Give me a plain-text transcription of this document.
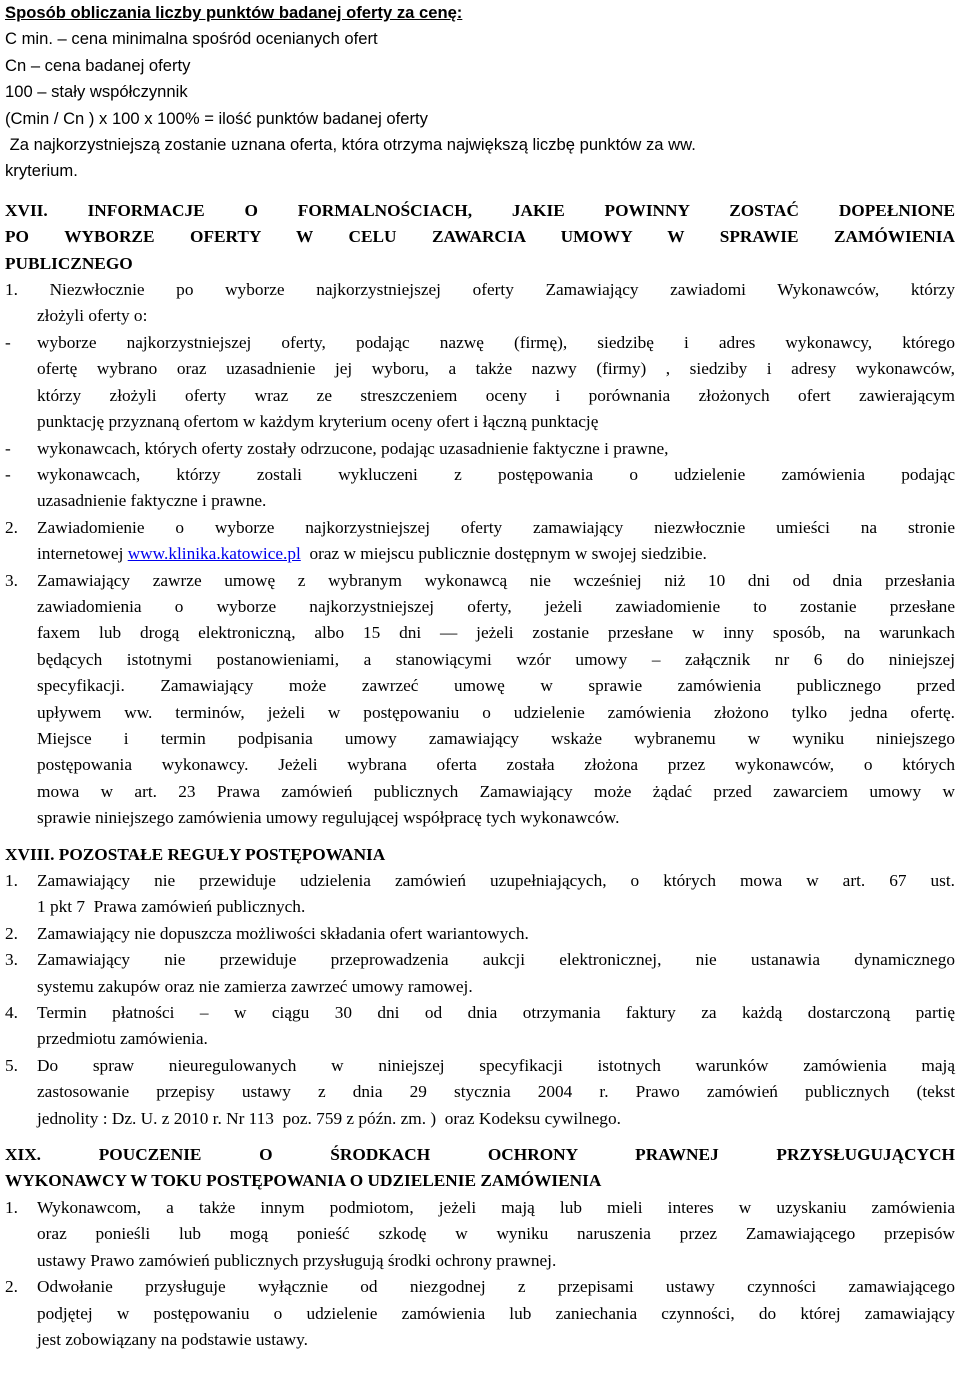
Sposób obliczania liczby punktów badanej oferty za cenę:
C min. – cena minimalna spośród ocenianych ofert
Cn – cena badanej oferty
100 – stały współczynnik
(Cmin / Cn ) x 100 x 100% = ilość punktów badanej oferty
Za najkorzystniejszą zostanie uznana oferta, która otrzyma największą liczbę punktów za ww.
kryterium.
XVII. INFORMACJE O FORMALNOŚCIACH, JAKIE POWINNY ZOSTAĆ DOPEŁNIONE
PO WYBORZE OFERTY W CELU ZAWARCIA UMOWY W SPRAWIE ZAMÓWIENIA
PUBLICZNEGO
1. Niezwłocznie po wyborze najkorzystniejszej oferty Zamawiający zawiadomi Wykonawców, którzy
złożyli oferty o:
-	wyborze najkorzystniejszej oferty, podając nazwę (firmę), siedzibę i adres wykonawcy, którego
ofertę wybrano oraz uzasadnienie jej wyboru, a także nazwy (firmy) , siedziby i adresy wykonawców,
którzy złożyli oferty wraz ze streszczeniem oceny i porównania złożonych ofert zawierającym
punktację przyznaną ofertom w każdym kryterium oceny ofert i łączną punktację
-	wykonawcach, których oferty zostały odrzucone, podając uzasadnienie faktyczne i prawne,
-	wykonawcach, którzy zostali wykluczeni z postępowania o udzielenie zamówienia podając
uzasadnienie faktyczne i prawne.
2.	Zawiadomienie o wyborze najkorzystniejszej oferty zamawiający niezwłocznie umieści na stronie
internetowej www.klinika.katowice.pl  oraz w miejscu publicznie dostępnym w swojej siedzibie.
3.	Zamawiający zawrze umowę z wybranym wykonawcą nie wcześniej niż 10 dni od dnia przesłania
zawiadomienia o wyborze najkorzystniejszej oferty, jeżeli zawiadomienie to zostanie przesłane
faxem lub drogą elektroniczną, albo 15 dni — jeżeli zostanie przesłane w inny sposób, na warunkach
będących istotnymi postanowieniami, a stanowiącymi wzór umowy – załącznik nr 6 do niniejszej
specyfikacji. Zamawiający może zawrzeć umowę w sprawie zamówienia publicznego przed
upływem ww. terminów, jeżeli w postępowaniu o udzielenie zamówienia złożono tylko jedna ofertę.
Miejsce i termin podpisania umowy zamawiający wskaże wybranemu w wyniku niniejszego
postępowania wykonawcy. Jeżeli wybrana oferta została złożona przez wykonawców, o których
mowa w art. 23 Prawa zamówień publicznych Zamawiający może żądać przed zawarciem umowy w
sprawie niniejszego zamówienia umowy regulującej współpracę tych wykonawców.
XVIII. POZOSTAŁE REGUŁY POSTĘPOWANIA
1.	Zamawiający nie przewiduje udzielenia zamówień uzupełniających, o których mowa w art. 67 ust.
1 pkt 7  Prawa zamówień publicznych.
2.	Zamawiający nie dopuszcza możliwości składania ofert wariantowych.
3.	Zamawiający nie przewiduje przeprowadzenia aukcji elektronicznej, nie ustanawia dynamicznego
systemu zakupów oraz nie zamierza zawrzeć umowy ramowej.
4.	Termin płatności – w ciągu 30 dni od dnia otrzymania faktury za każdą dostarczoną partię
przedmiotu zamówienia.
5.	Do spraw nieuregulowanych w niniejszej specyfikacji istotnych warunków zamówienia mają
zastosowanie przepisy ustawy z dnia 29 stycznia 2004 r. Prawo zamówień publicznych (tekst
jednolity : Dz. U. z 2010 r. Nr 113  poz. 759 z późn. zm. )  oraz Kodeksu cywilnego.
XIX. POUCZENIE O ŚRODKACH OCHRONY PRAWNEJ PRZYSŁUGUJĄCYCH
WYKONAWCY W TOKU POSTĘPOWANIA O UDZIELENIE ZAMÓWIENIA
1.	Wykonawcom, a także innym podmiotom, jeżeli mają lub mieli interes w uzyskaniu zamówienia
oraz ponieśli lub mogą ponieść szkodę w wyniku naruszenia przez Zamawiającego przepisów
ustawy Prawo zamówień publicznych przysługują środki ochrony prawnej.
2.	Odwołanie przysługuje wyłącznie od niezgodnej z przepisami ustawy czynności zamawiającego
podjętej w postępowaniu o udzielenie zamówienia lub zaniechania czynności, do której zamawiający
jest zobowiązany na podstawie ustawy.
